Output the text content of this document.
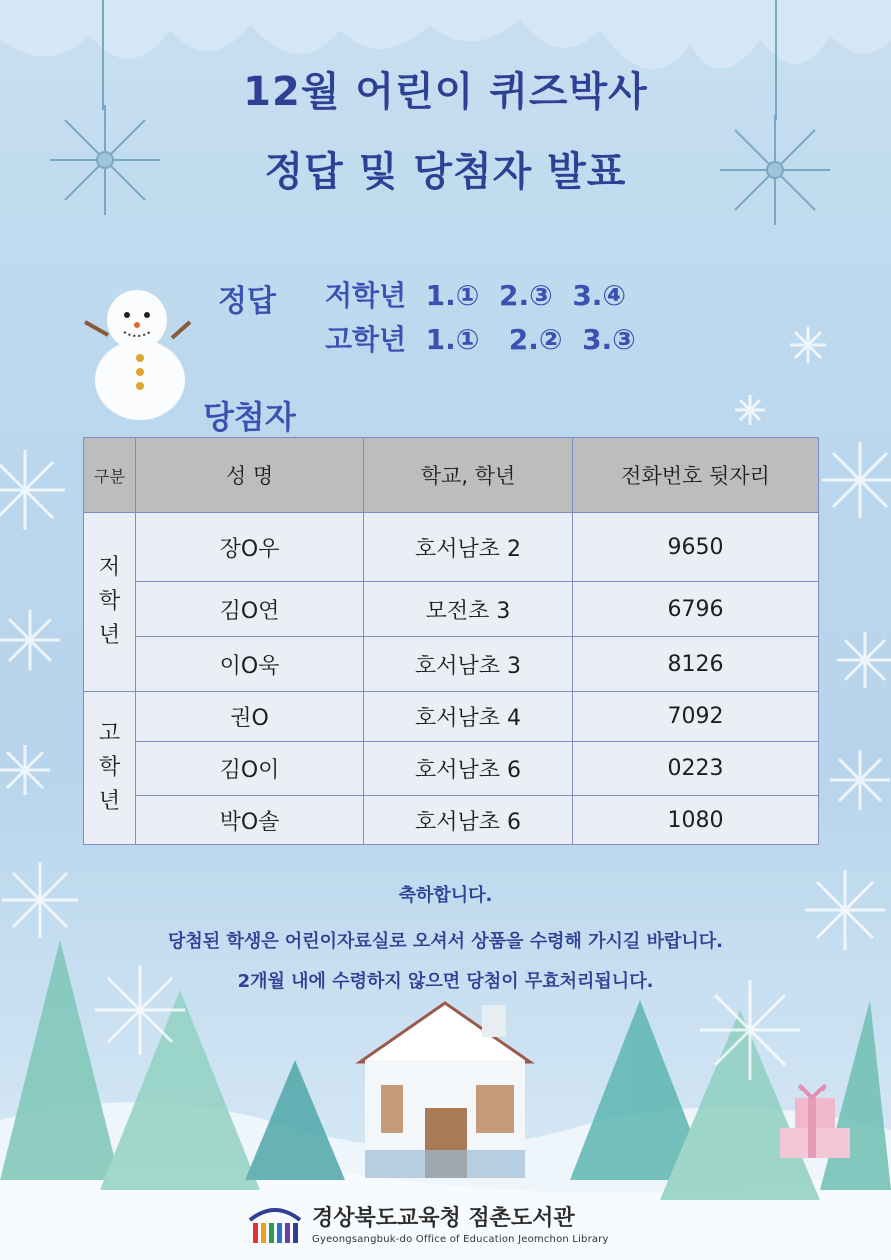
12월 어린이 퀴즈박사
정답 및 당첨자 발표
정답 저학년 1.① 2.③ 3.④
고학년 1.① 2.② 3.③
당첨자
구분	성 명	학교, 학년	전화번호 뒷자리
저
학
년	장O우	호서남초 2	9650
	김O연	모전초 3	6796
	이O욱	호서남초 3	8126
고
학
년	권O	호서남초 4	7092
	김O이	호서남초 6	0223
	박O솔	호서남초 6	1080
축하합니다.
당첨된 학생은 어린이자료실로 오셔서 상품을 수령해 가시길 바랍니다.
2개월 내에 수령하지 않으면 당첨이 무효처리됩니다.
경상북도교육청 점촌도서관
Gyeongsangbuk-do Office of Education Jeomchon Library
